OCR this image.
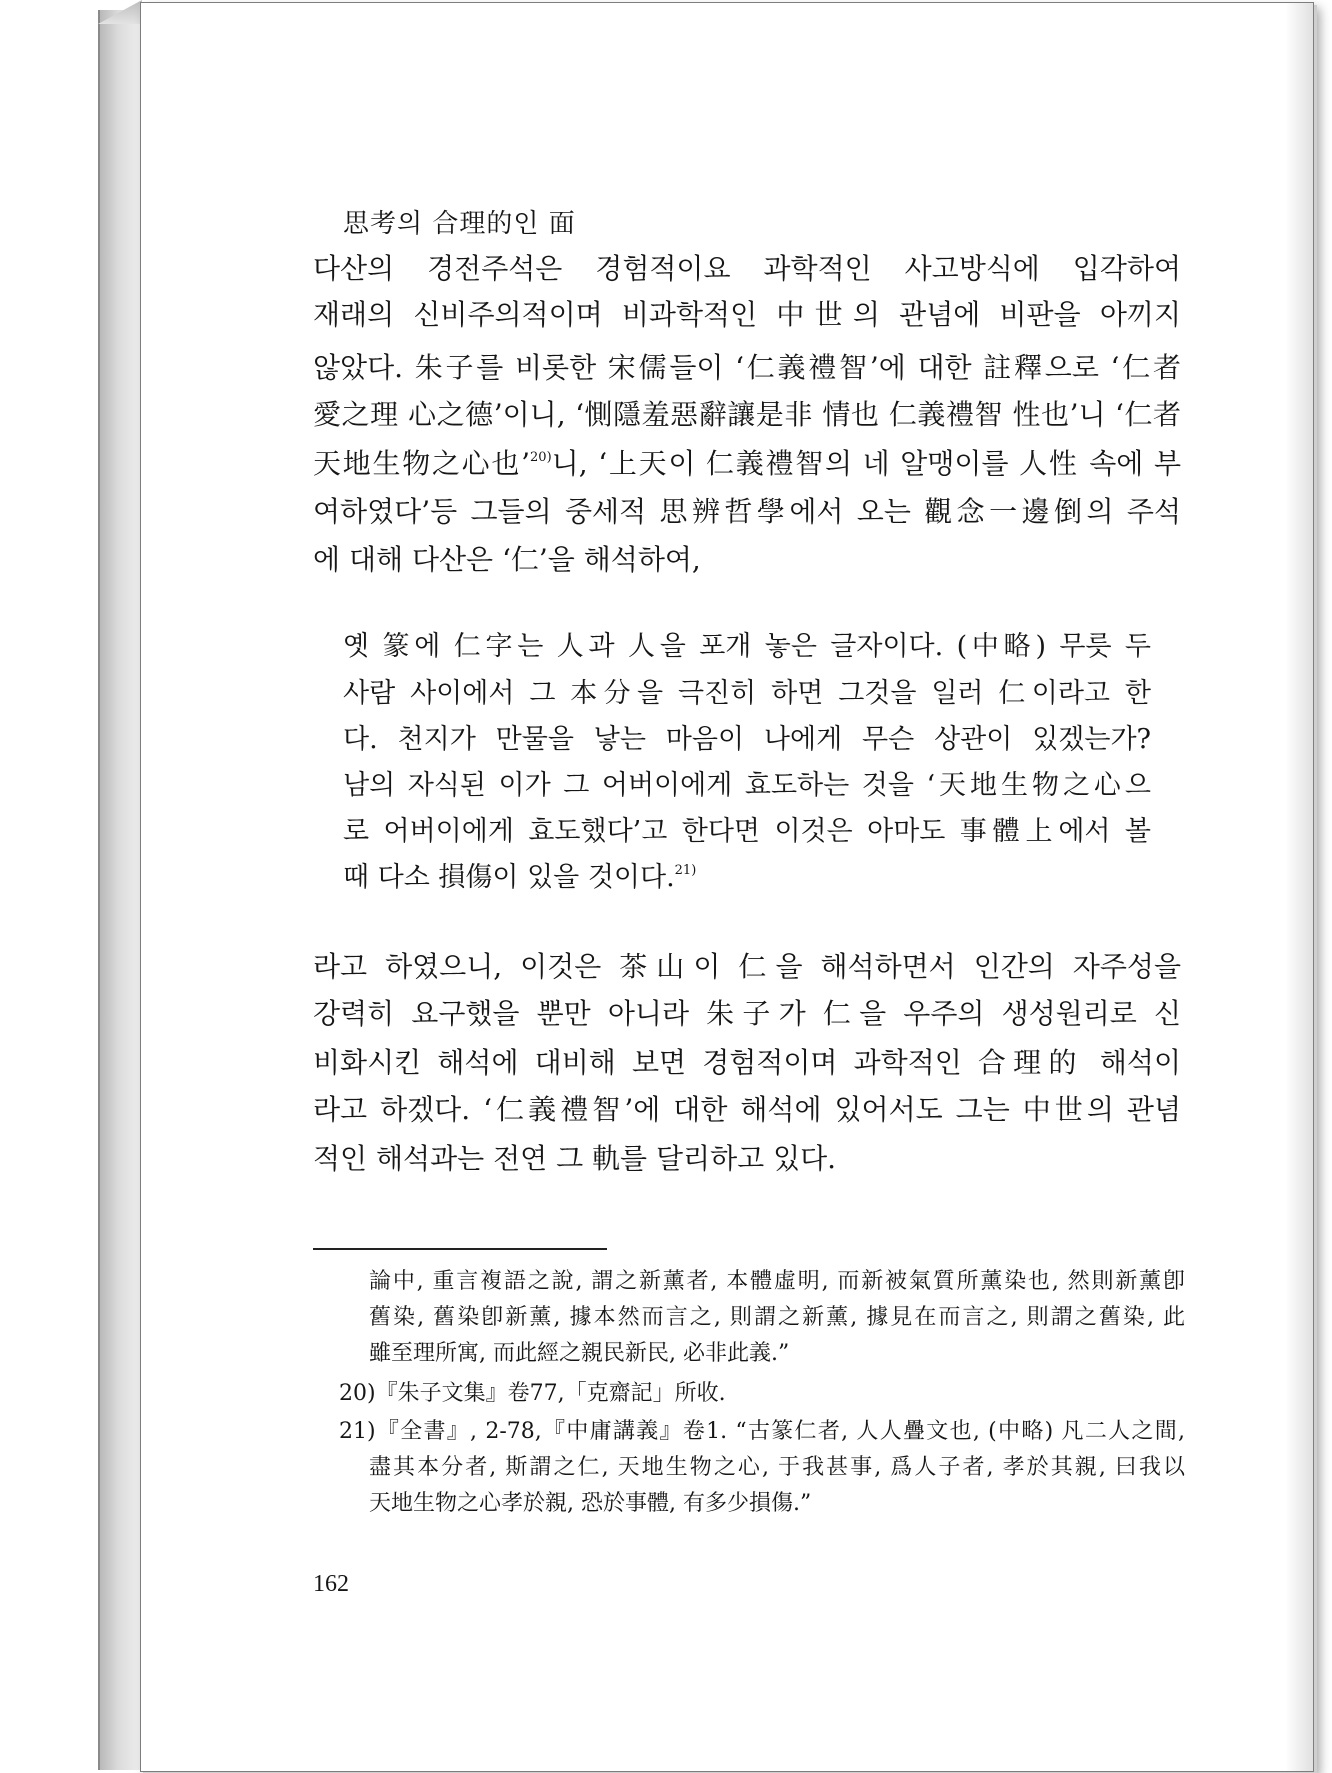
思考의 合理的인 面
다산의 경전주석은 경험적이요 과학적인 사고방식에 입각하여
재래의 신비주의적이며 비과학적인 中世의 관념에 비판을 아끼지
않았다. 朱子를 비롯한 宋儒들이 ‘仁義禮智’에 대한 註釋으로 ‘仁者
愛之理 心之德’이니, ‘惻隱羞惡辭讓是非 情也 仁義禮智 性也’니 ‘仁者
天地生物之心也’$^{20)}$니, ‘上天이 仁義禮智의 네 알맹이를 人性 속에 부
여하였다’등 그들의 중세적 思辨哲學에서 오는 觀念一邊倒의 주석
에 대해 다산은 ‘仁’을 해석하여,
옛 篆에 仁字는 人과 人을 포개 놓은 글자이다. (中略) 무릇 두
사람 사이에서 그 本分을 극진히 하면 그것을 일러 仁이라고 한
다. 천지가 만물을 낳는 마음이 나에게 무슨 상관이 있겠는가?
남의 자식된 이가 그 어버이에게 효도하는 것을 ‘天地生物之心으
로 어버이에게 효도했다’고 한다면 이것은 아마도 事體上에서 볼
때 다소 損傷이 있을 것이다.$^{21)}$
라고 하였으니, 이것은 茶山이 仁을 해석하면서 인간의 자주성을
강력히 요구했을 뿐만 아니라 朱子가 仁을 우주의 생성원리로 신
비화시킨 해석에 대비해 보면 경험적이며 과학적인 合理的 해석이
라고 하겠다. ‘仁義禮智’에 대한 해석에 있어서도 그는 中世의 관념
적인 해석과는 전연 그 軌를 달리하고 있다.
論中, 重言複語之說, 謂之新薰者, 本體虛明, 而新被氣質所薰染也, 然則新薰卽
舊染, 舊染卽新薰, 據本然而言之, 則謂之新薰, 據見在而言之, 則謂之舊染, 此
雖至理所寓, 而此經之親民新民, 必非此義.”
20)『朱子文集』卷77,「克齋記」所收.
21)『全書』, 2-78,『中庸講義』卷1. “古篆仁者, 人人疊文也, (中略) 凡二人之間,
盡其本分者, 斯謂之仁, 天地生物之心, 于我甚事, 爲人子者, 孝於其親, 曰我以
天地生物之心孝於親, 恐於事體, 有多少損傷.”
162
